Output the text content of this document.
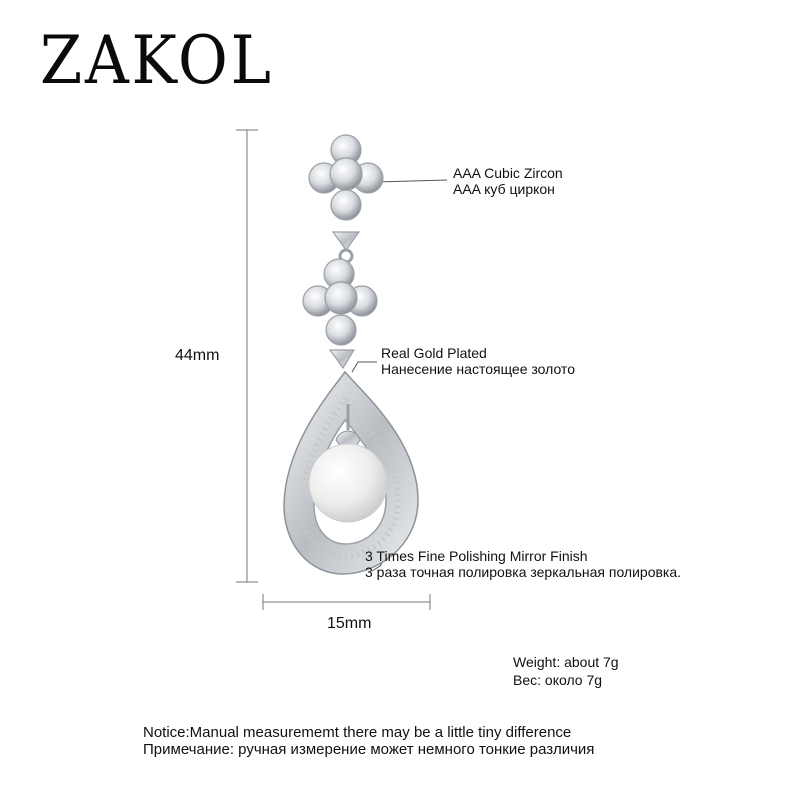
ZAKOL
44mm
15mm
AAA Cubic Zircon
AAA куб циркон
Real Gold Plated
Нанесение настоящее золото
3 Times Fine Polishing Mirror Finish
3 раза точная полировка зеркальная полировка.
Weight: about 7g
Вес: около 7g
Notice:Manual measurememt there may be a little tiny difference
Примечание: ручная измерение может немного тонкие различия
